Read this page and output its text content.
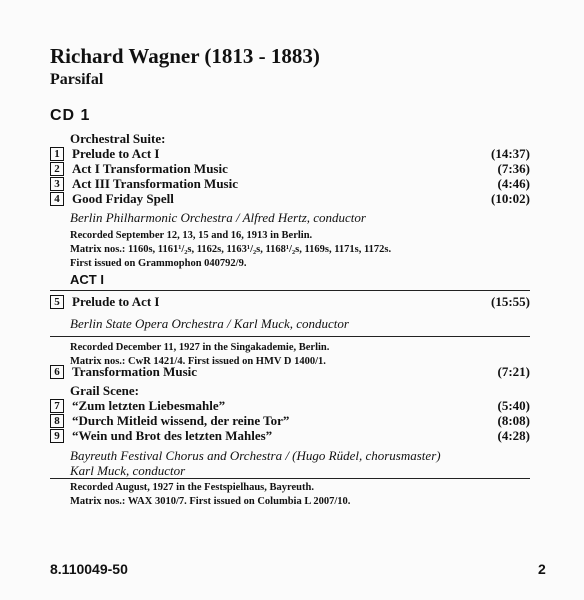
Richard Wagner (1813 - 1883)
Parsifal
CD 1
Orchestral Suite:
1 Prelude to Act I	(14:37)
2 Act I Transformation Music	(7:36)
3 Act III Transformation Music	(4:46)
4 Good Friday Spell	(10:02)
Berlin Philharmonic Orchestra / Alfred Hertz, conductor
Recorded September 12, 13, 15 and 16, 1913 in Berlin.
Matrix nos.: 1160s, 1161¹/₂s, 1162s, 1163¹/₂s, 1168¹/₂s, 1169s, 1171s, 1172s.
First issued on Grammophon 040792/9.
ACT I
5 Prelude to Act I	(15:55)
Berlin State Opera Orchestra / Karl Muck, conductor
Recorded December 11, 1927 in the Singakademie, Berlin.
Matrix nos.: CwR 1421/4. First issued on HMV D 1400/1.
6 Transformation Music	(7:21)
Grail Scene:
7 “Zum letzten Liebesmahle”	(5:40)
8 “Durch Mitleid wissend, der reine Tor”	(8:08)
9 “Wein und Brot des letzten Mahles”	(4:28)
Bayreuth Festival Chorus and Orchestra / (Hugo Rüdel, chorusmaster)
Karl Muck, conductor
Recorded August, 1927 in the Festspielhaus, Bayreuth.
Matrix nos.: WAX 3010/7. First issued on Columbia L 2007/10.
8.110049-50	2
